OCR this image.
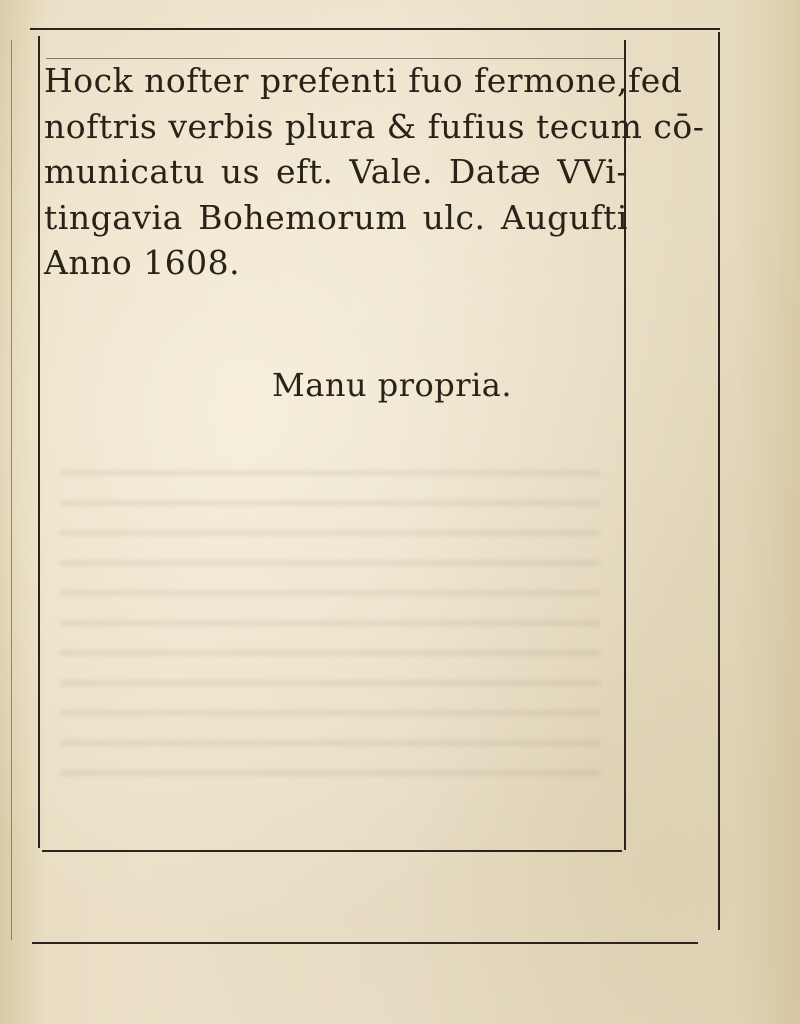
Hock nofter prefenti fuo fermone,fed
noftris verbis plura & fufius tecum cō-
municatu us eft. Vale. Datæ VVi-
tingavia Bohemorum ulc. Augufti
Anno 1608.
Manu propria.
